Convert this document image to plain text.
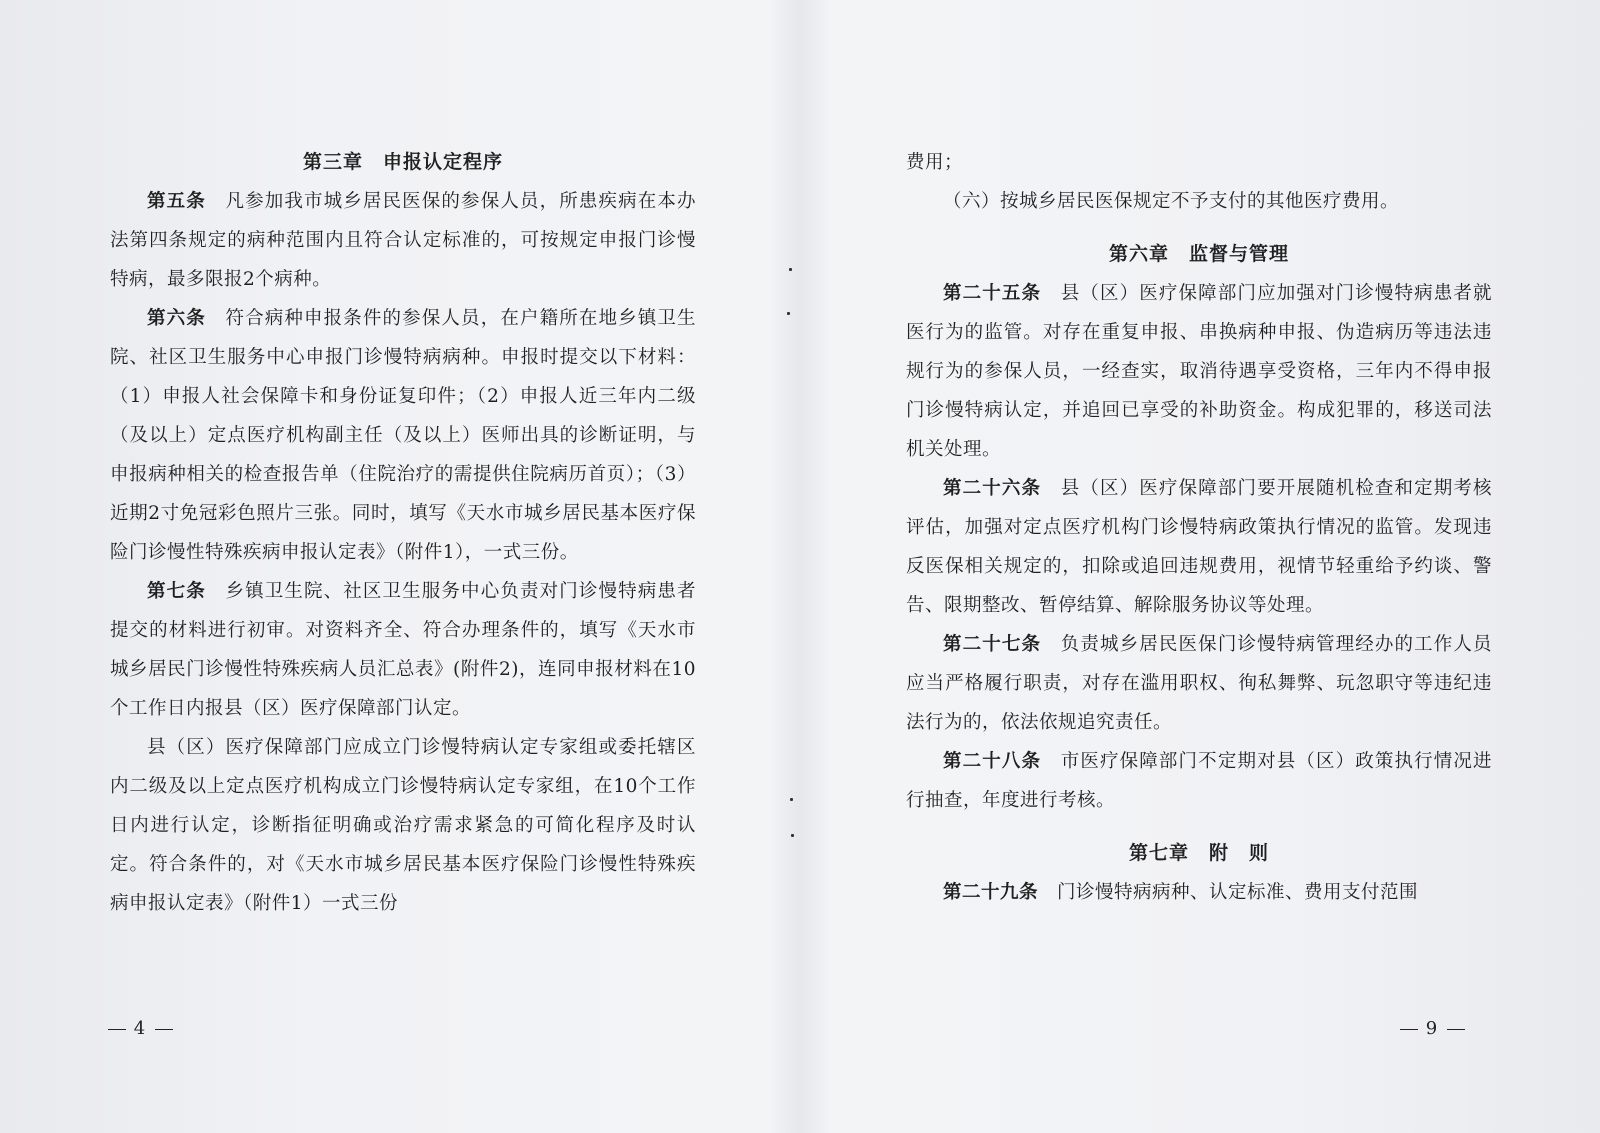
第三章　申报认定程序

第五条　凡参加我市城乡居民医保的参保人员，所患疾病在本办法第四条规定的病种范围内且符合认定标准的，可按规定申报门诊慢特病，最多限报2个病种。

第六条　符合病种申报条件的参保人员，在户籍所在地乡镇卫生院、社区卫生服务中心申报门诊慢特病病种。申报时提交以下材料：（1）申报人社会保障卡和身份证复印件；（2）申报人近三年内二级（及以上）定点医疗机构副主任（及以上）医师出具的诊断证明，与申报病种相关的检查报告单（住院治疗的需提供住院病历首页）；（3）近期2寸免冠彩色照片三张。同时，填写《天水市城乡居民基本医疗保险门诊慢性特殊疾病申报认定表》（附件1），一式三份。

第七条　乡镇卫生院、社区卫生服务中心负责对门诊慢特病患者提交的材料进行初审。对资料齐全、符合办理条件的，填写《天水市城乡居民门诊慢性特殊疾病人员汇总表》(附件2)，连同申报材料在10个工作日内报县（区）医疗保障部门认定。

县（区）医疗保障部门应成立门诊慢特病认定专家组或委托辖区内二级及以上定点医疗机构成立门诊慢特病认定专家组，在10个工作日内进行认定，诊断指征明确或治疗需求紧急的可简化程序及时认定。符合条件的，对《天水市城乡居民基本医疗保险门诊慢性特殊疾病申报认定表》（附件1）一式三份

4

费用；

（六）按城乡居民医保规定不予支付的其他医疗费用。

第六章　监督与管理

第二十五条　县（区）医疗保障部门应加强对门诊慢特病患者就医行为的监管。对存在重复申报、串换病种申报、伪造病历等违法违规行为的参保人员，一经查实，取消待遇享受资格，三年内不得申报门诊慢特病认定，并追回已享受的补助资金。构成犯罪的，移送司法机关处理。

第二十六条　县（区）医疗保障部门要开展随机检查和定期考核评估，加强对定点医疗机构门诊慢特病政策执行情况的监管。发现违反医保相关规定的，扣除或追回违规费用，视情节轻重给予约谈、警告、限期整改、暂停结算、解除服务协议等处理。

第二十七条　负责城乡居民医保门诊慢特病管理经办的工作人员应当严格履行职责，对存在滥用职权、徇私舞弊、玩忽职守等违纪违法行为的，依法依规追究责任。

第二十八条　市医疗保障部门不定期对县（区）政策执行情况进行抽查，年度进行考核。

第七章　附　则

第二十九条　门诊慢特病病种、认定标准、费用支付范围

9
